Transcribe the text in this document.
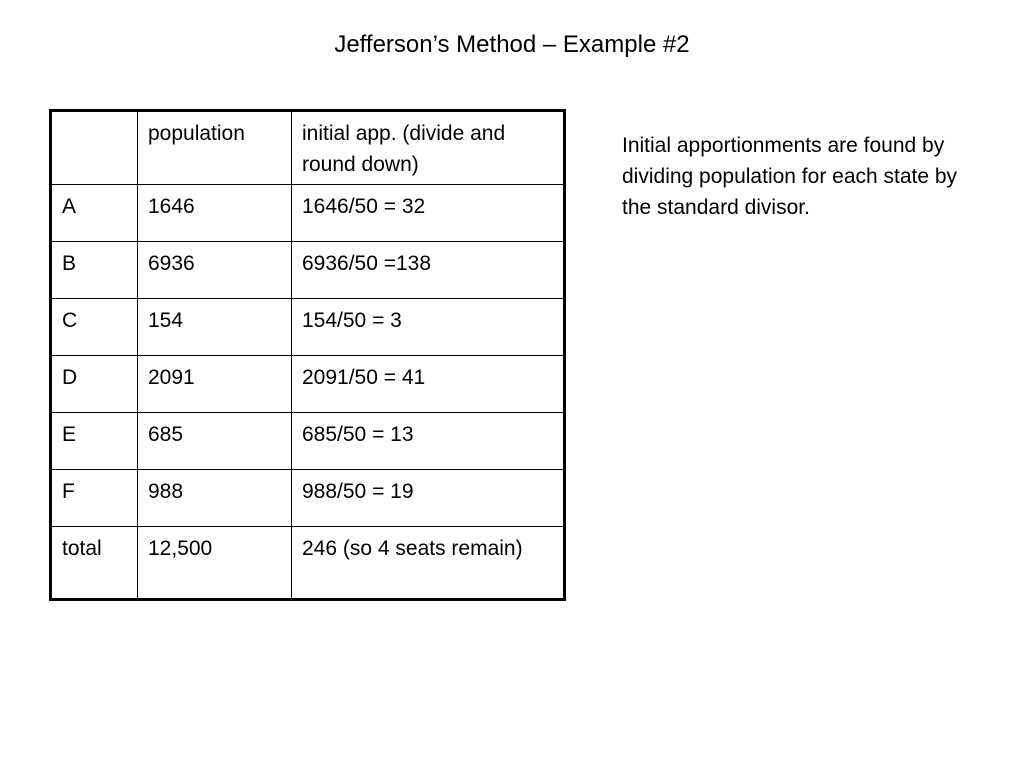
Jefferson’s Method – Example #2
	population	initial app. (divide and round down)
A	1646	1646/50 = 32
B	6936	6936/50 =138
C	154	154/50 = 3
D	2091	2091/50 = 41
E	685	685/50 = 13
F	988	988/50 = 19
total	12,500	246 (so 4 seats remain)
Initial apportionments are found by dividing population for each state by the standard divisor.
